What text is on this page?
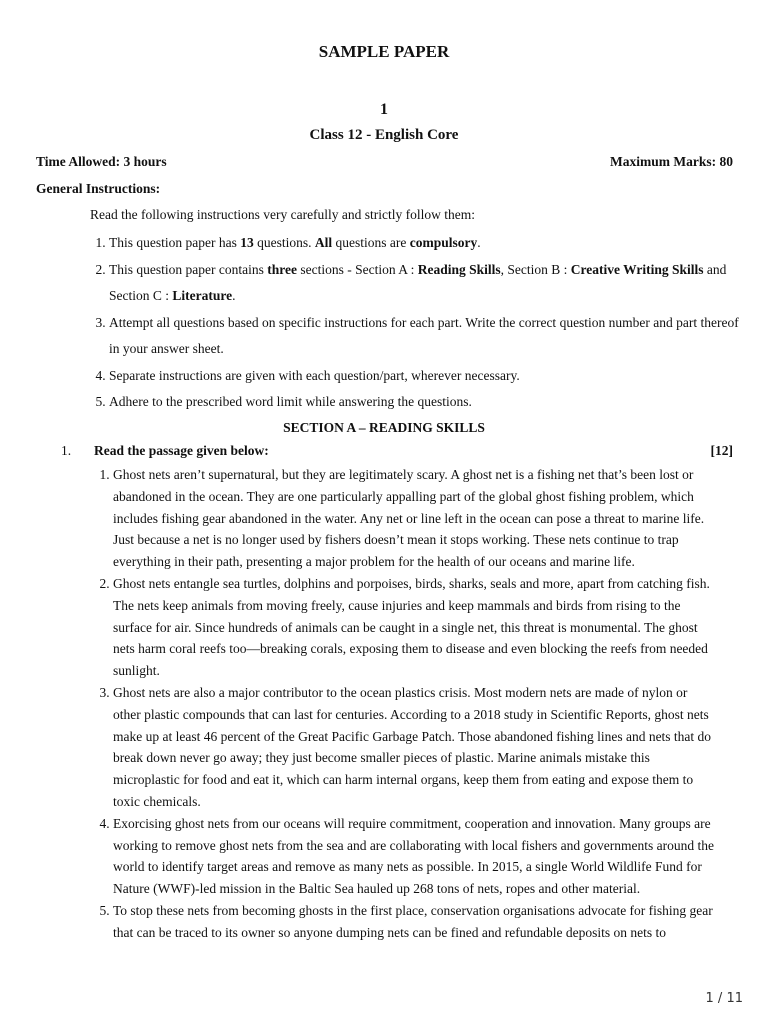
SAMPLE PAPER
1
Class 12 - English Core
Time Allowed: 3 hours	Maximum Marks: 80
General Instructions:
Read the following instructions very carefully and strictly follow them:
1. This question paper has 13 questions. All questions are compulsory.
2. This question paper contains three sections - Section A : Reading Skills, Section B : Creative Writing Skills and Section C : Literature.
3. Attempt all questions based on specific instructions for each part. Write the correct question number and part thereof in your answer sheet.
4. Separate instructions are given with each question/part, wherever necessary.
5. Adhere to the prescribed word limit while answering the questions.
SECTION A – READING SKILLS
1. Read the passage given below:	[12]
1. Ghost nets aren’t supernatural, but they are legitimately scary. A ghost net is a fishing net that’s been lost or abandoned in the ocean. They are one particularly appalling part of the global ghost fishing problem, which includes fishing gear abandoned in the water. Any net or line left in the ocean can pose a threat to marine life. Just because a net is no longer used by fishers doesn’t mean it stops working. These nets continue to trap everything in their path, presenting a major problem for the health of our oceans and marine life.
2. Ghost nets entangle sea turtles, dolphins and porpoises, birds, sharks, seals and more, apart from catching fish. The nets keep animals from moving freely, cause injuries and keep mammals and birds from rising to the surface for air. Since hundreds of animals can be caught in a single net, this threat is monumental. The ghost nets harm coral reefs too—breaking corals, exposing them to disease and even blocking the reefs from needed sunlight.
3. Ghost nets are also a major contributor to the ocean plastics crisis. Most modern nets are made of nylon or other plastic compounds that can last for centuries. According to a 2018 study in Scientific Reports, ghost nets make up at least 46 percent of the Great Pacific Garbage Patch. Those abandoned fishing lines and nets that do break down never go away; they just become smaller pieces of plastic. Marine animals mistake this microplastic for food and eat it, which can harm internal organs, keep them from eating and expose them to toxic chemicals.
4. Exorcising ghost nets from our oceans will require commitment, cooperation and innovation. Many groups are working to remove ghost nets from the sea and are collaborating with local fishers and governments around the world to identify target areas and remove as many nets as possible. In 2015, a single World Wildlife Fund for Nature (WWF)-led mission in the Baltic Sea hauled up 268 tons of nets, ropes and other material.
5. To stop these nets from becoming ghosts in the first place, conservation organisations advocate for fishing gear that can be traced to its owner so anyone dumping nets can be fined and refundable deposits on nets to
1 / 11
